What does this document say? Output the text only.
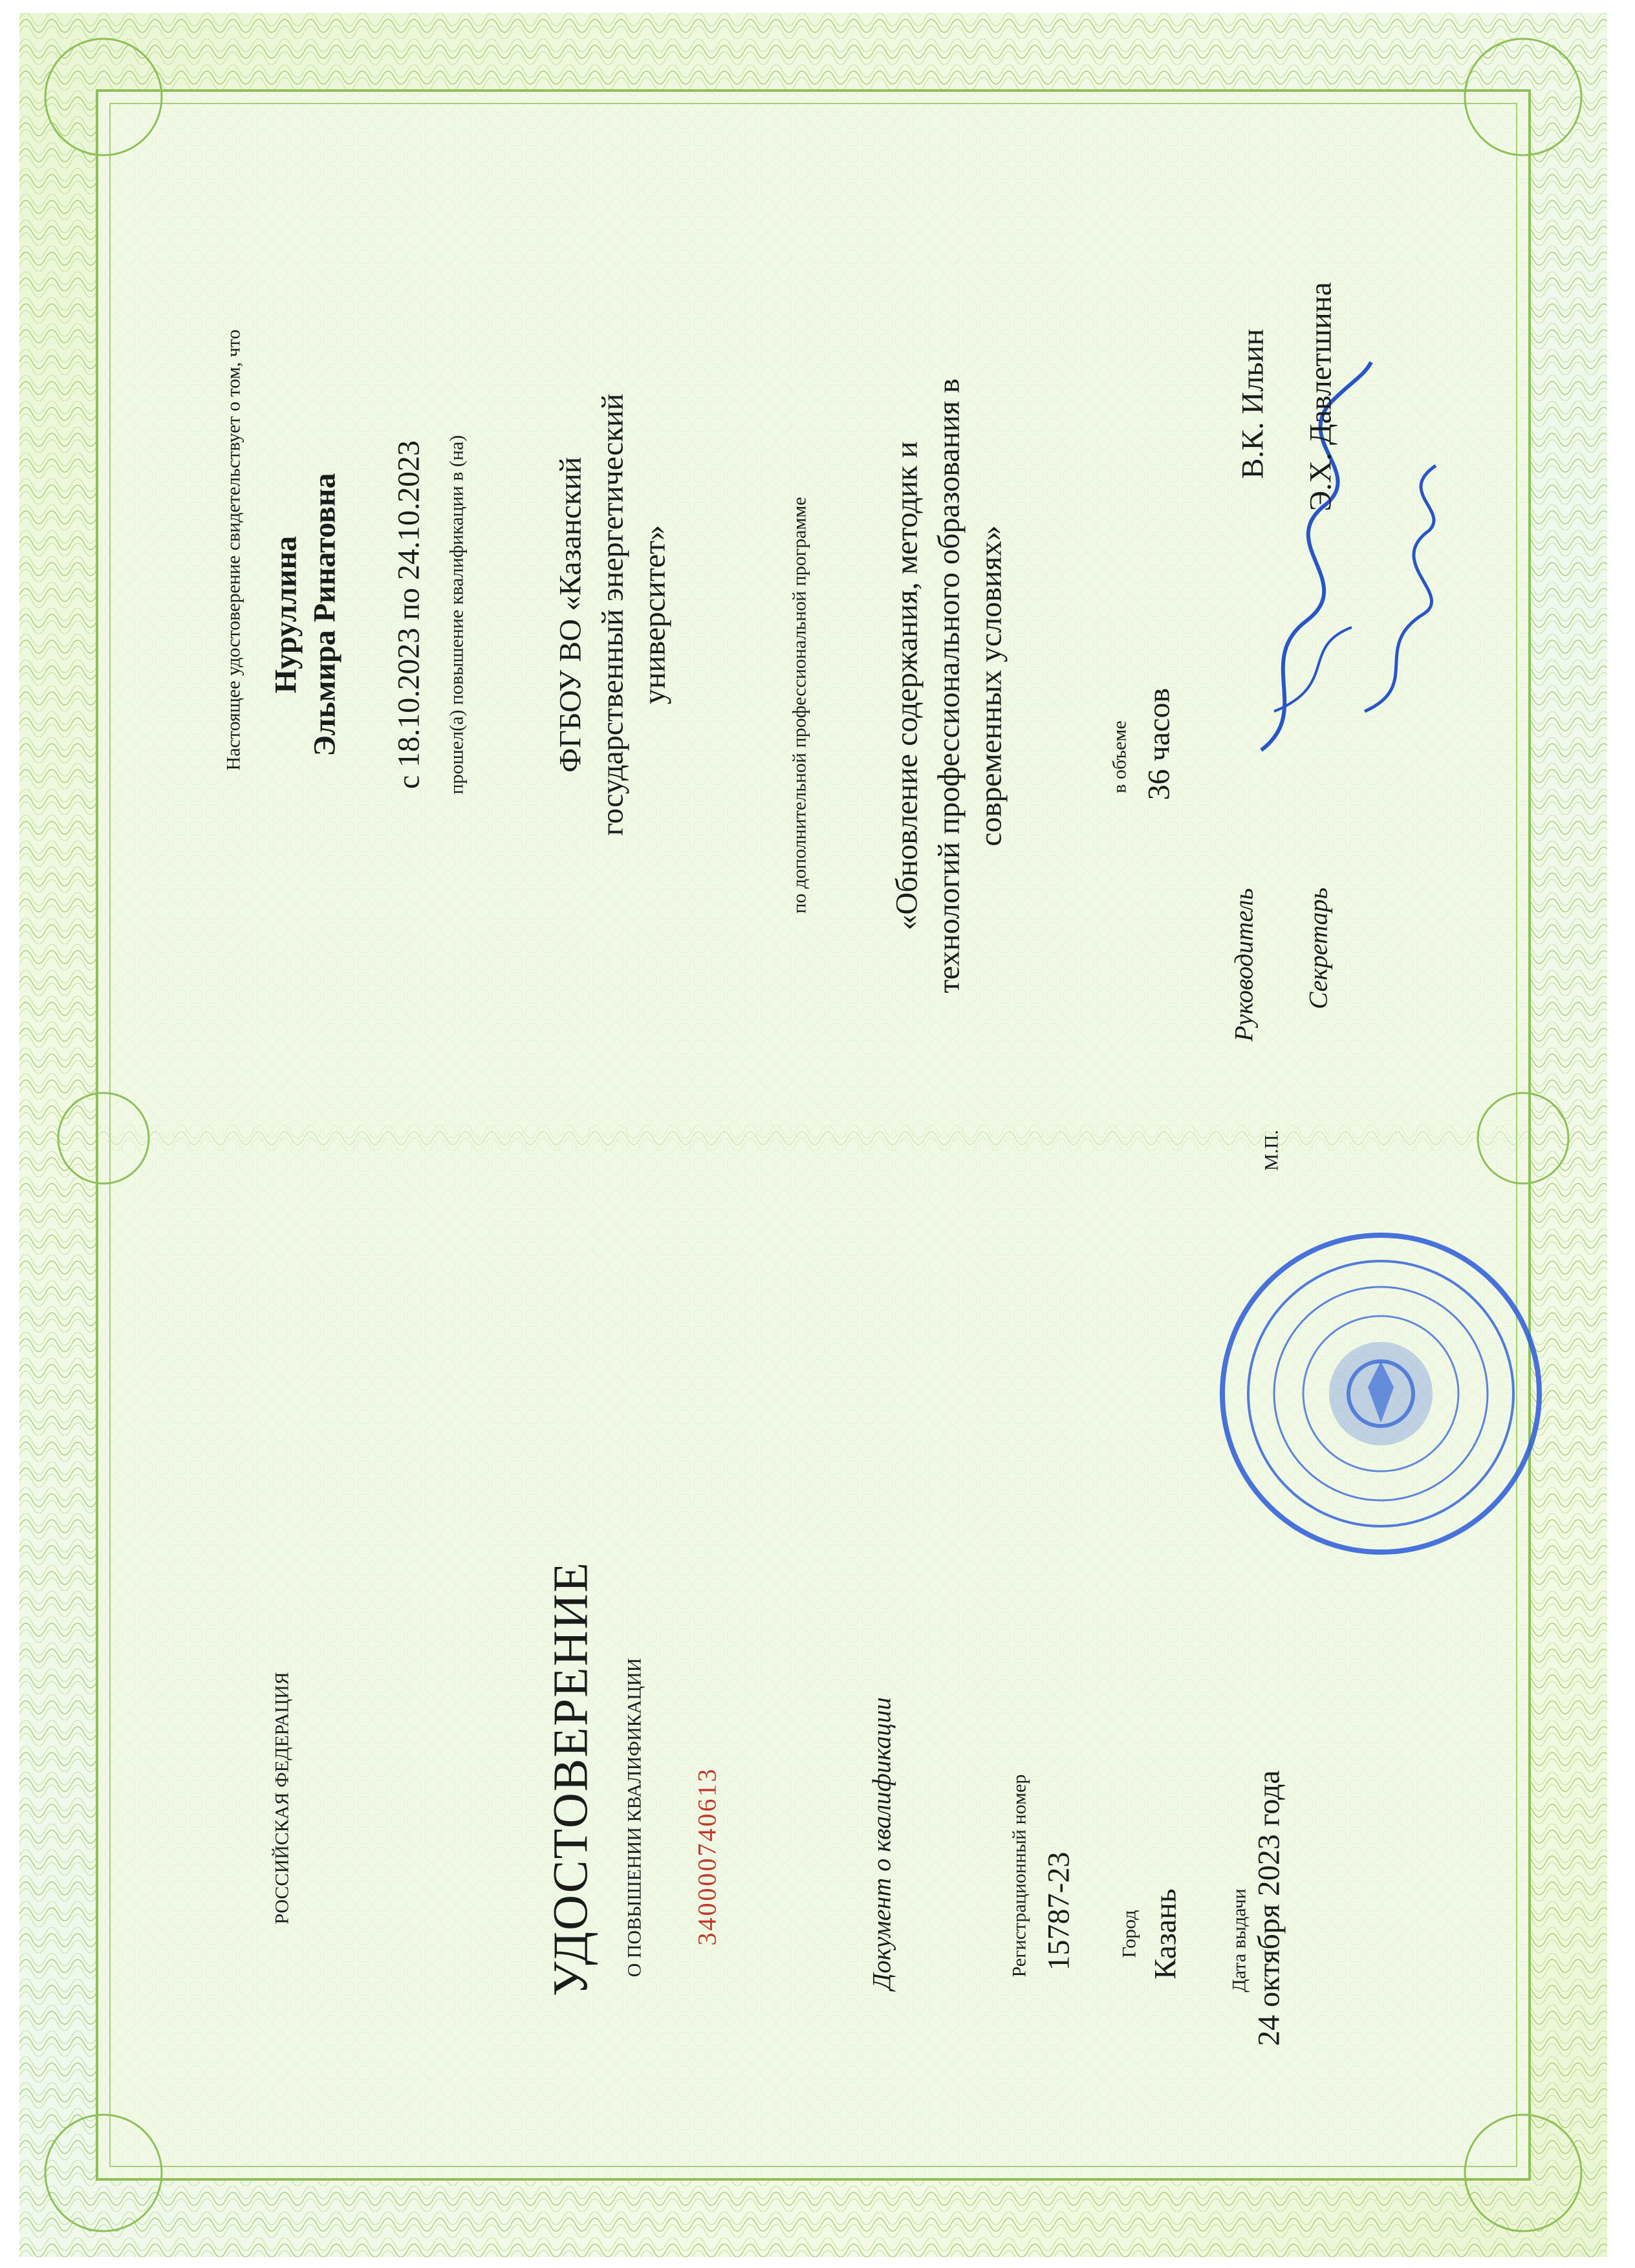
РОССИЙСКАЯ ФЕДЕРАЦИЯ	УДОСТОВЕРЕНИЕ О ПОВЫШЕНИИ КВАЛИФИКАЦИИ 340000740613	Документ о квалификации	Регистрационный номер 15787-23 Город Казань Дата выдачи 24 октября 2023 года
Настоящее удостоверение свидетельствует о том, что Нуруллина Эльмира Ринатовна с 18.10.2023 по 24.10.2023 прошел(а) повышение квалификации в (на)	ФГБОУ ВО «Казанский государственный энергетический университет»	по дополнительной профессиональной программе	«Обновление содержания, методик и технологий профессионального образования в современных условиях»	в объеме 36 часов
Руководитель
В.К. Ильин
М.П.
Секретарь
Э.Х. Давлетшина
